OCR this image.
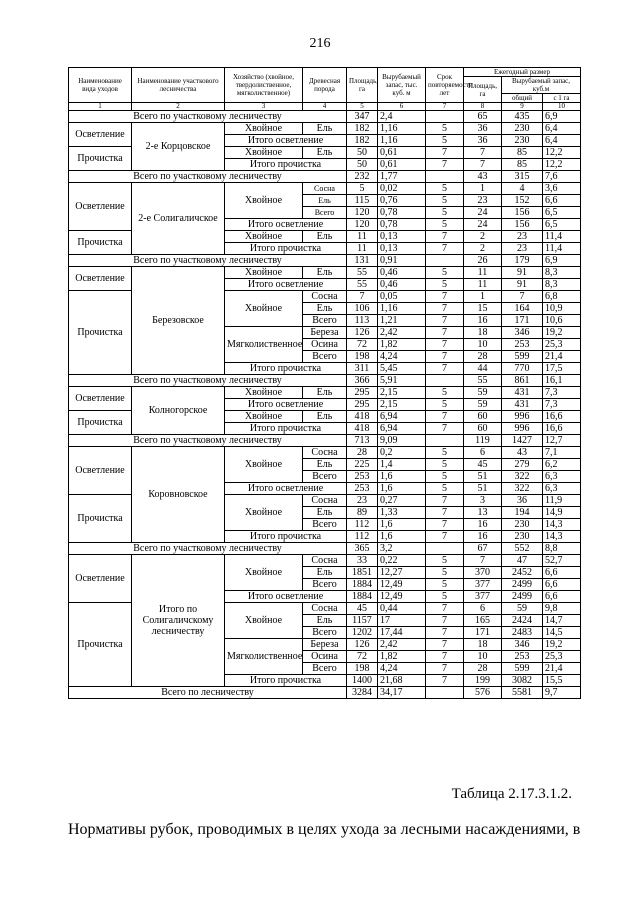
216
Наименование вида уходов	Наименование участкового лесничества	Хозяйство (хвойное, твердолиственное, мягколиственное)	Древесная порода	Площадь, га	Вырубаемый запас, тыс. куб. м	Срок повторяемости лет	Ежегодный размер		
							Площадь, га	Вырубаемый запас, куб.м	
								общий	с 1 га
1	2	3	4	5	6	7	8	9	10
Всего по участковому лесничеству				347	2,4		65	435	6,9
Осветление	2-е Корцовское	Хвойное	Ель	182	1,16	5	36	230	6,4
		Итого осветление		182	1,16	5	36	230	6,4
Прочистка		Хвойное	Ель	50	0,61	7	7	85	12,2
		Итого прочистка		50	0,61	7	7	85	12,2
Всего по участковому лесничеству				232	1,77		43	315	7,6
Осветление	2-е Солигаличское	Хвойное	Сосна	5	0,02	5	1	4	3,6
			Ель	115	0,76	5	23	152	6,6
			Всего	120	0,78	5	24	156	6,5
		Итого осветление		120	0,78	5	24	156	6,5
Прочистка		Хвойное	Ель	11	0,13	7	2	23	11,4
		Итого прочистка		11	0,13	7	2	23	11,4
Всего по участковому лесничеству				131	0,91		26	179	6,9
Осветление	Березовское	Хвойное	Ель	55	0,46	5	11	91	8,3
		Итого осветление		55	0,46	5	11	91	8,3
Прочистка		Хвойное	Сосна	7	0,05	7	1	7	6,8
			Ель	106	1,16	7	15	164	10,9
			Всего	113	1,21	7	16	171	10,6
		Мягколиственное	Береза	126	2,42	7	18	346	19,2
			Осина	72	1,82	7	10	253	25,3
			Всего	198	4,24	7	28	599	21,4
		Итого прочистка		311	5,45	7	44	770	17,5
Всего по участковому лесничеству				366	5,91		55	861	16,1
Осветление	Колногорское	Хвойное	Ель	295	2,15	5	59	431	7,3
		Итого осветление		295	2,15	5	59	431	7,3
Прочистка		Хвойное	Ель	418	6,94	7	60	996	16,6
		Итого прочистка		418	6,94	7	60	996	16,6
Всего по участковому лесничеству				713	9,09		119	1427	12,7
Осветление	Коровновское	Хвойное	Сосна	28	0,2	5	6	43	7,1
			Ель	225	1,4	5	45	279	6,2
			Всего	253	1,6	5	51	322	6,3
		Итого осветление		253	1,6	5	51	322	6,3
Прочистка		Хвойное	Сосна	23	0,27	7	3	36	11,9
			Ель	89	1,33	7	13	194	14,9
			Всего	112	1,6	7	16	230	14,3
		Итого прочистка		112	1,6	7	16	230	14,3
Всего по участковому лесничеству				365	3,2		67	552	8,8
Осветление	Итого по Солигаличскому лесничеству	Хвойное	Сосна	33	0,22	5	7	47	52,7
			Ель	1851	12,27	5	370	2452	6,6
			Всего	1884	12,49	5	377	2499	6,6
		Итого осветление		1884	12,49	5	377	2499	6,6
Прочистка		Хвойное	Сосна	45	0,44	7	6	59	9,8
			Ель	1157	17	7	165	2424	14,7
			Всего	1202	17,44	7	171	2483	14,5
		Мягколиственное	Береза	126	2,42	7	18	346	19,2
			Осина	72	1,82	7	10	253	25,3
			Всего	198	4,24	7	28	599	21,4
		Итого прочистка		1400	21,68	7	199	3082	15,5
Всего по лесничеству				3284	34,17		576	5581	9,7
Таблица 2.17.3.1.2.
Нормативы рубок, проводимых в целях ухода за лесными насаждениями, в
